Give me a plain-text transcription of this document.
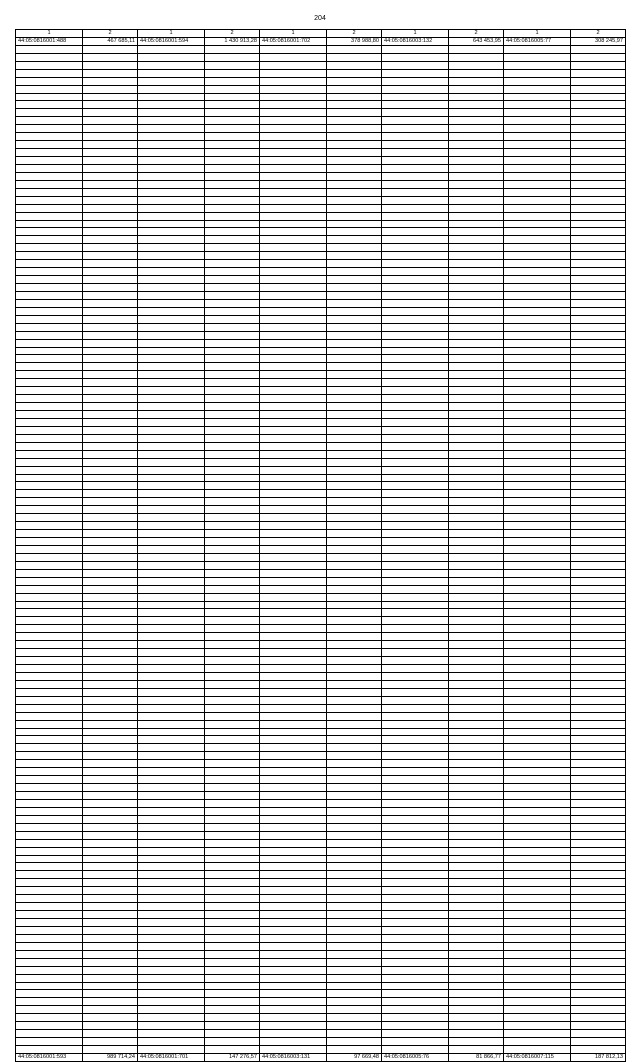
204
1	2	1	2	1	2	1	2	1	2
44:05:0816001:488	467 685,11	44:05:0816001:594	1 430 913,28	44:05:0816001:702	378 988,80	44:05:0816003:132	643 453,95	44:05:0816005:77	308 245,97

44:05:0816001:593	989 714,24	44:05:0816001:701	147 276,57	44:05:0816003:131	97 669,48	44:05:0816005:76	81 866,77	44:05:0816007:115	187 812,13
